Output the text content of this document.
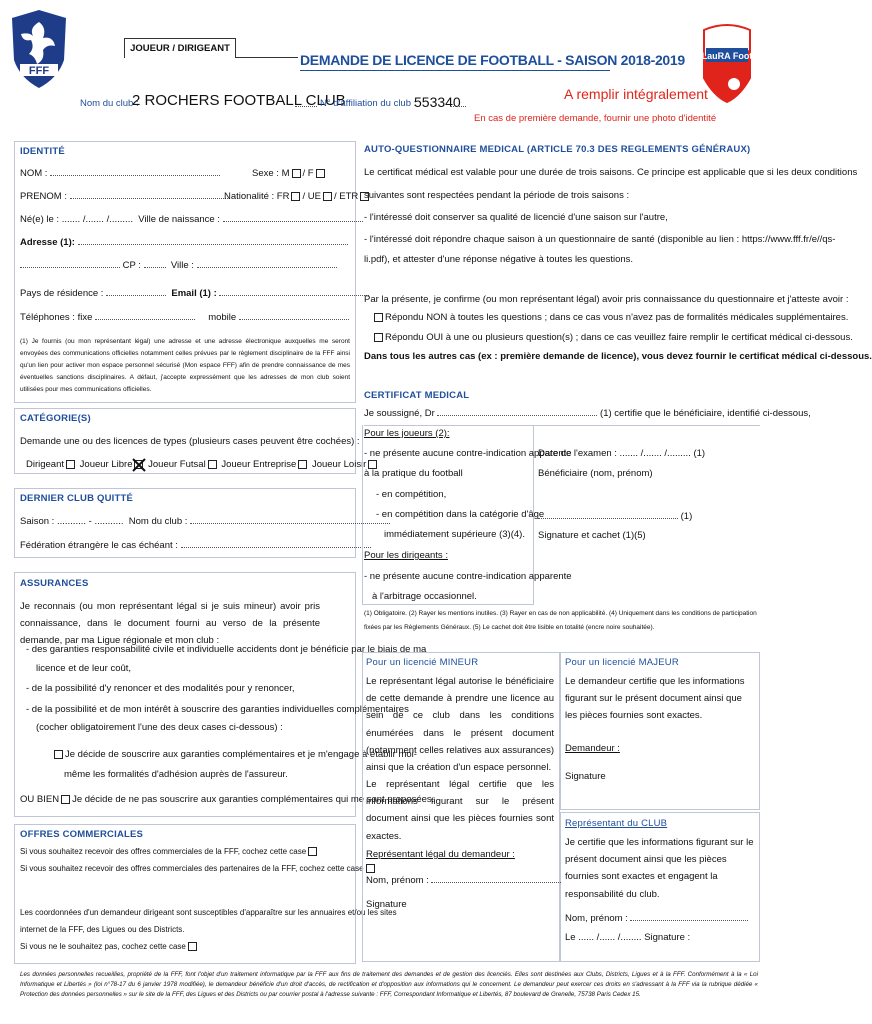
FFF
JOUEUR / DIRIGEANT
DEMANDE DE LICENCE DE FOOTBALL - SAISON 2018-2019
Nom du club :
2 ROCHERS FOOTBALL CLUB
N° d'affiliation du club :
553340	A remplir intégralement
En cas de première demande, fournir une photo d'identité
LauRA Foot
IDENTITÉ
NOM :	Sexe : M / F
PRENOM :	Nationalité : FR / UE / ETR
Né(e) le : ....... /....... /......... Ville de naissance :
Adresse (1):
CP :	Ville :
Pays de résidence :	Email (1) :
Téléphones : fixe	mobile
(1) Je fournis (ou mon représentant légal) une adresse et une adresse électronique auxquelles me seront envoyées des communications officielles notamment celles prévues par le règlement disciplinaire de la FFF ainsi qu'un lien pour activer mon espace personnel sécurisé (Mon espace FFF) afin de prendre connaissance de mes éventuelles sanctions disciplinaires. A défaut, j'accepte expressément que les adresses de mon club soient utilisées pour mes communications officielles.
CATÉGORIE(S)
Demande une ou des licences de types (plusieurs cases peuvent être cochées) :
Dirigeant Joueur Libre Joueur Futsal Joueur Entreprise Joueur Loisir
DERNIER CLUB QUITTÉ
Saison : ........... - ........... Nom du club :
Fédération étrangère le cas échéant :
ASSURANCES
Je reconnais (ou mon représentant légal si je suis mineur) avoir pris connaissance, dans le document fourni au verso de la présente demande, par ma Ligue régionale et mon club :
- des garanties responsabilité civile et individuelle accidents dont je bénéficie par le biais de ma
licence et de leur coût,
- de la possibilité d'y renoncer et des modalités pour y renoncer,
- de la possibilité et de mon intérêt à souscrire des garanties individuelles complémentaires
(cocher obligatoirement l'une des deux cases ci-dessous) :
Je décide de souscrire aux garanties complémentaires et je m'engage à établir moi-
même les formalités d'adhésion auprès de l'assureur.
OU BIEN Je décide de ne pas souscrire aux garanties complémentaires qui me sont proposées.
OFFRES COMMERCIALES
Si vous souhaitez recevoir des offres commerciales de la FFF, cochez cette case
Si vous souhaitez recevoir des offres commerciales des partenaires de la FFF, cochez cette case
Les coordonnées d'un demandeur dirigeant sont susceptibles d'apparaître sur les annuaires et/ou les sites
internet de la FFF, des Ligues ou des Districts.
Si vous ne le souhaitez pas, cochez cette case
AUTO-QUESTIONNAIRE MEDICAL (ARTICLE 70.3 DES REGLEMENTS GÉNÉRAUX)
Le certificat médical est valable pour une durée de trois saisons. Ce principe est applicable que si les deux conditions
suivantes sont respectées pendant la période de trois saisons :
- l'intéressé doit conserver sa qualité de licencié d'une saison sur l'autre,
- l'intéressé doit répondre chaque saison à un questionnaire de santé (disponible au lien : https://www.fff.fr/e//qs-
li.pdf), et attester d'une réponse négative à toutes les questions.
Par la présente, je confirme (ou mon représentant légal) avoir pris connaissance du questionnaire et j'atteste avoir :
Répondu NON à toutes les questions ; dans ce cas vous n'avez pas de formalités médicales supplémentaires.
Répondu OUI à une ou plusieurs question(s) ; dans ce cas veuillez faire remplir le certificat médical ci-dessous.
Dans tous les autres cas (ex : première demande de licence), vous devez fournir le certificat médical ci-dessous.
CERTIFICAT MEDICAL
Je soussigné, Dr	(1) certifie que le bénéficiaire, identifié ci-dessous,
Pour les joueurs (2):
- ne présente aucune contre-indication apparente
à la pratique du football
- en compétition,
- en compétition dans la catégorie d'âge
immédiatement supérieure (3)(4).
Pour les dirigeants :
- ne présente aucune contre-indication apparente
à l'arbitrage occasionnel.
Date de l'examen : ....... /....... /......... (1)
Bénéficiaire (nom, prénom)
(1)
Signature et cachet (1)(5)
(1) Obligatoire. (2) Rayer les mentions inutiles. (3) Rayer en cas de non applicabilité. (4) Uniquement dans les conditions de participation fixées par les Règlements Généraux. (5) Le cachet doit être lisible en totalité (encre noire souhaitée).
Pour un licencié MINEUR
Le représentant légal autorise le bénéficiaire de cette demande à prendre une licence au sein de ce club dans les conditions énumérées dans le présent document (notamment celles relatives aux assurances) ainsi que la création d'un espace personnel.
Le représentant légal certifie que les informations figurant sur le présent document ainsi que les pièces fournies sont exactes.
Représentant légal du demandeur :
Nom, prénom :
Signature
Pour un licencié MAJEUR
Le demandeur certifie que les informations figurant sur le présent document ainsi que les pièces fournies sont exactes.
Demandeur :
Signature
Représentant du CLUB
Je certifie que les informations figurant sur le présent document ainsi que les pièces fournies sont exactes et engagent la responsabilité du club.
Nom, prénom :
Le ...... /...... /........ Signature :
Les données personnelles recueillies, propriété de la FFF, font l'objet d'un traitement informatique par la FFF aux fins de traitement des demandes et de gestion des licenciés. Elles sont destinées aux Clubs, Districts, Ligues et à la FFF. Conformément à la « Loi Informatique et Libertés » (loi n°78-17 du 6 janvier 1978 modifiée), le demandeur bénéficie d'un droit d'accès, de rectification et d'opposition aux informations qui le concernent. Le demandeur peut exercer ces droits en s'adressant à la FFF via la rubrique dédiée « Protection des données personnelles » sur le site de la FFF, des Ligues et des Districts ou par courrier postal à l'adresse suivante : FFF, Correspondant Informatique et Libertés, 87 boulevard de Grenelle, 75738 Paris Cedex 15.
